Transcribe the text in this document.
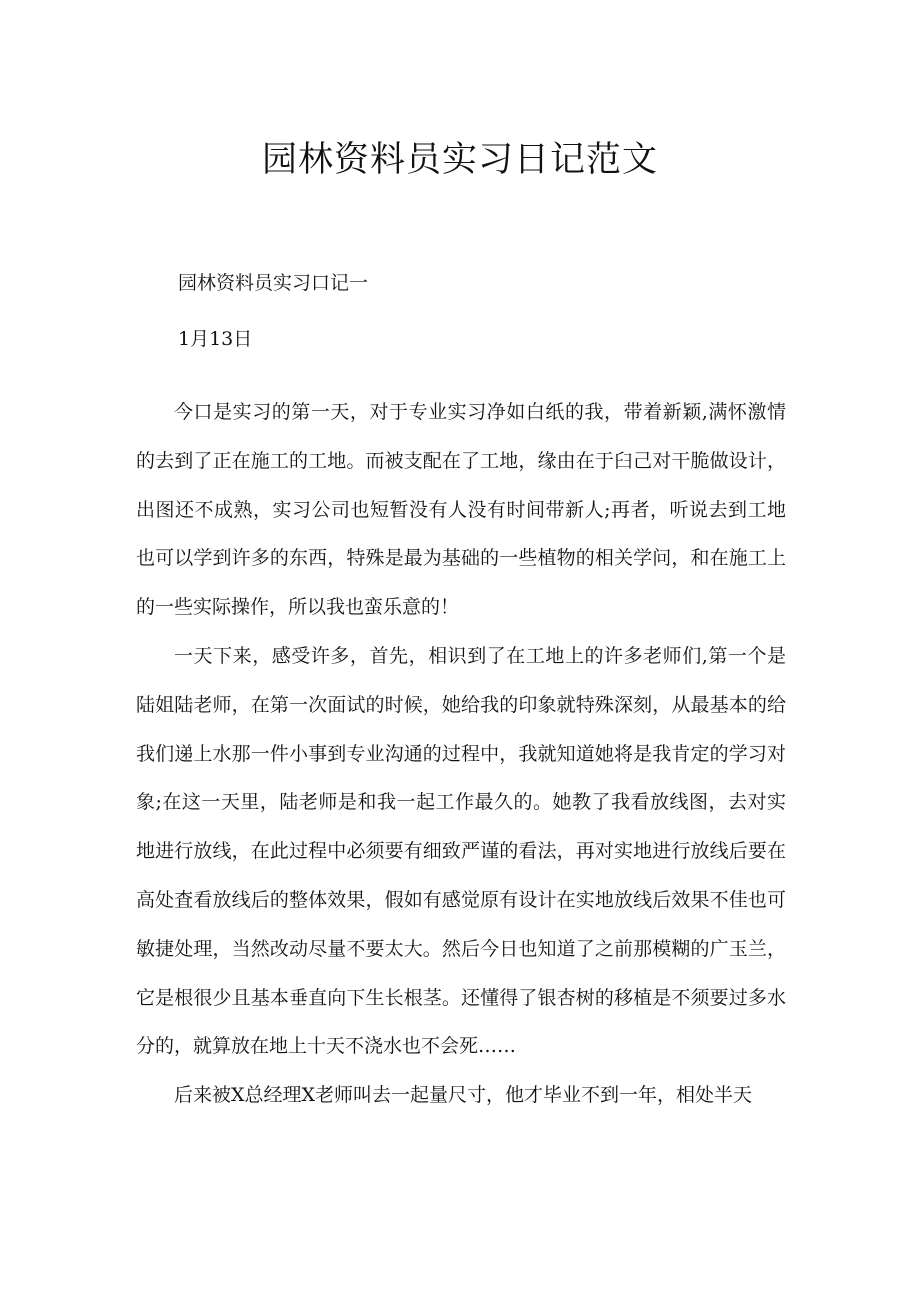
园林资料员实习日记范文

园林资料员实习口记一

1月13日

今口是实习的第一天，对于专业实习净如白纸的我，带着新颖,满怀激情的去到了正在施工的工地。而被支配在了工地，缘由在于臼己对干脆做设计，出图还不成熟，实习公司也短暂没有人没有时间带新人;再者，听说去到工地也可以学到许多的东西，特殊是最为基础的一些植物的相关学问，和在施工上的一些实际操作，所以我也蛮乐意的！

一天下来，感受许多，首先，相识到了在工地上的许多老师们,第一个是陆姐陆老师，在第一次面试的时候，她给我的印象就特殊深刻，从最基本的给我们递上水那一件小事到专业沟通的过程中，我就知道她将是我肯定的学习对象;在这一天里，陆老师是和我一起工作最久的。她教了我看放线图，去对实地进行放线，在此过程中必须要有细致严谨的看法，再对实地进行放线后要在高处査看放线后的整体效果，假如有感觉原有设计在实地放线后效果不佳也可敏捷处理，当然改动尽量不要太大。然后今日也知道了之前那模糊的广玉兰，它是根很少且基本垂直向下生长根茎。还懂得了银杏树的移植是不须要过多水分的，就算放在地上十天不浇水也不会死……

后来被X总经理X老师叫去一起量尺寸，他才毕业不到一年，相处半天
